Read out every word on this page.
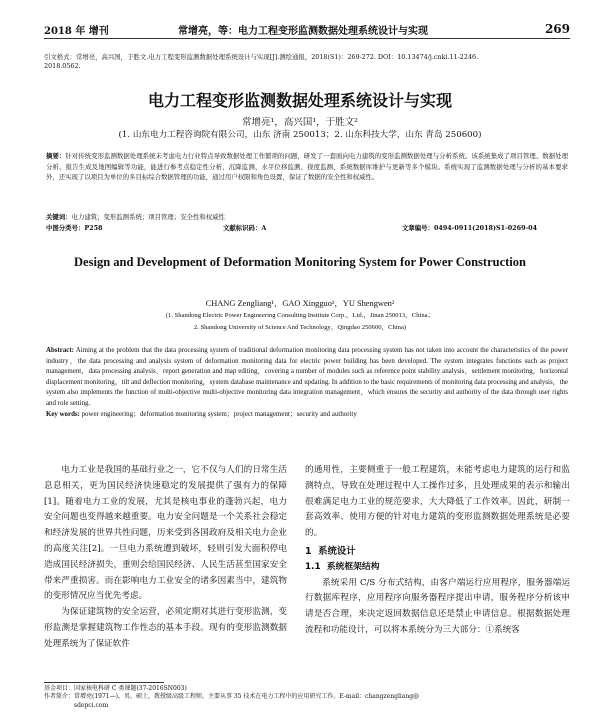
2018 年 增刊	常增亮，等：电力工程变形监测数据处理系统设计与实现	269
引文格式：常增亮，高兴国，于胜文.电力工程变形监测数据处理系统设计与实现[J].测绘通报，2018(S1)：269-272. DOI：10.13474/j.cnki.11-2246.
2018.0562.
电力工程变形监测数据处理系统设计与实现
常增亮¹，高兴国¹，于胜文²
(1. 山东电力工程咨询院有限公司，山东 济南 250013；2. 山东科技大学，山东 青岛 250600)
摘要：针对传统变形监测数据处理系统未考虑电力行业特点导致数据处理工作繁琐的问题，研发了一套面向电力建筑的变形监测数据处理与分析系统。该系统集成了项目管理、数据处理分析、报告生成及地图编辑等功能，能进行参考点稳定性分析、沉降监测、水平位移监测、挠度监测、系统数据库维护与更新等多个模块。系统实现了监测数据处理与分析的基本要求外，还实现了以项目为单位的多目标综合数据管理的功能，通过用户权限和角色设置，保证了数据的安全性和权威性。
关键词：电力建筑；变形监测系统；项目管理；安全性和权威性
中图分类号：P258	文献标识码：A	文章编号：0494-0911(2018)S1-0269-04
Design and Development of Deformation Monitoring System for Power Construction
CHANG Zengliang¹，GAO Xingguo¹，YU Shengwen²
(1. Shandong Electric Power Engineering Consulting Institute Corp.，Ltd.，Jinan 250013，China；
2. Shandong University of Science And Technology，Qingdao 250600，China)
Abstract: Aiming at the problem that the data processing system of traditional deformation monitoring data processing system has not taken into account the characteristics of the power industry，the data processing and analysis system of deformation monitoring data for electric power building has been developed. The system integrates functions such as project management，data processing analysis，report generation and map editing，covering a number of modules such as reference point stability analysis，settlement monitoring，horizontal displacement monitoring，tilt and deflection monitoring，system database maintenance and updating. In addition to the basic requirements of monitoring data processing and analysis，the system also implements the function of multi-objective multi-objective monitoring data integration management，which ensures the security and authority of the data through user rights and role setting.
Key words: power engineering；deformation monitoring system；project management；security and authority

电力工业是我国的基础行业之一，它不仅与人们的日常生活息息相关，更为国民经济快速稳定的发展提供了强有力的保障[1]。随着电力工业的发展，尤其是核电事业的蓬勃兴起，电力安全问题也变得越来越重要。电力安全问题是一个关系社会稳定和经济发展的世界共性问题，历来受到各国政府及相关电力企业的高度关注[2]。一旦电力系统遭到破坏，轻则引发大面积停电造成国民经济损失，重则会给国民经济、人民生活甚至国家安全带来严重损害。而在影响电力工业安全的诸多因素当中，建筑物的变形情况应当优先考虑。

为保证建筑物的安全运营，必须定期对其进行变形监测，变形监测是掌握建筑物工作性态的基本手段。现有的变形监测数据处理系统为了保证软件

的通用性，主要侧重于一般工程建筑，未能考虑电力建筑的运行和监测特点，导致在处理过程中人工操作过多，且处理成果的表示和输出很难满足电力工业的规范要求，大大降低了工作效率。因此，研制一套高效率、使用方便的针对电力建筑的变形监测数据处理系统是必要的。

1 系统设计
1.1 系统框架结构

系统采用 C/S 分布式结构，由客户端运行应用程序，服务器端运行数据库程序，应用程序向服务器程序提出申请，服务程序分析该申请是否合理，来决定返回数据信息还是禁止申请信息。根据数据处理流程和功能设计，可以将本系统分为三大部分：①系统客

基金项目：国家核电科研 C 类课题(37-2016SN003)
作者简介：常增亮(1971—)，男，硕士，教授级高级工程师，主要从事 35 技术在电力工程中的应用研究工作。E-mail：changzengliang@
sdepci.com
